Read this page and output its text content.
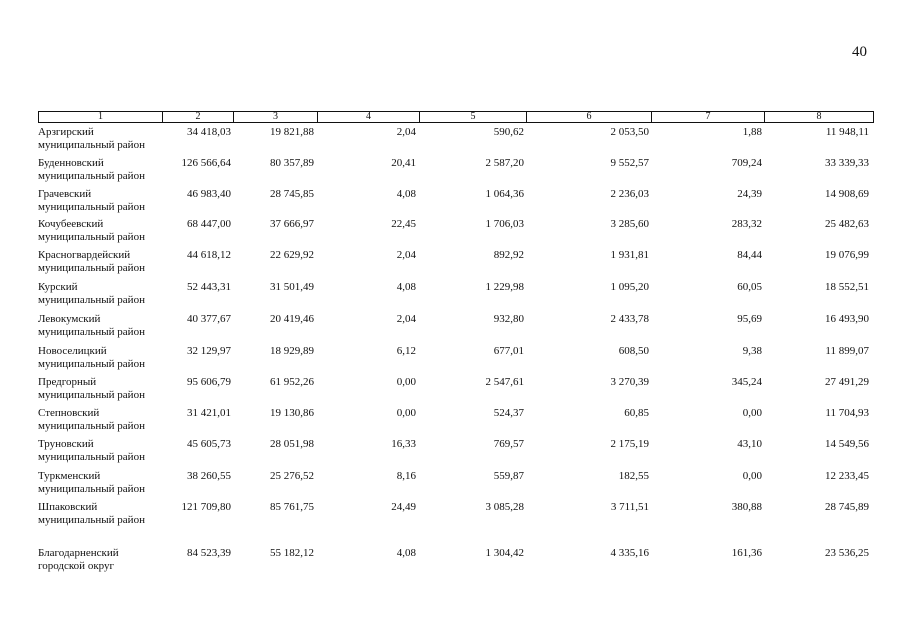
40
1	2	3	4	5	6	7	8
Арзгирский
муниципальный район
34 418,03	19 821,88	2,04	590,62	2 053,50	1,88	11 948,11
Буденновский
муниципальный район
126 566,64	80 357,89	20,41	2 587,20	9 552,57	709,24	33 339,33
Грачевский
муниципальный район
46 983,40	28 745,85	4,08	1 064,36	2 236,03	24,39	14 908,69
Кочубеевский
муниципальный район
68 447,00	37 666,97	22,45	1 706,03	3 285,60	283,32	25 482,63
Красногвардейский
муниципальный район
44 618,12	22 629,92	2,04	892,92	1 931,81	84,44	19 076,99
Курский
муниципальный район
52 443,31	31 501,49	4,08	1 229,98	1 095,20	60,05	18 552,51
Левокумский
муниципальный район
40 377,67	20 419,46	2,04	932,80	2 433,78	95,69	16 493,90
Новоселицкий
муниципальный район
32 129,97	18 929,89	6,12	677,01	608,50	9,38	11 899,07
Предгорный
муниципальный район
95 606,79	61 952,26	0,00	2 547,61	3 270,39	345,24	27 491,29
Степновский
муниципальный район
31 421,01	19 130,86	0,00	524,37	60,85	0,00	11 704,93
Труновский
муниципальный район
45 605,73	28 051,98	16,33	769,57	2 175,19	43,10	14 549,56
Туркменский
муниципальный район
38 260,55	25 276,52	8,16	559,87	182,55	0,00	12 233,45
Шпаковский
муниципальный район
121 709,80	85 761,75	24,49	3 085,28	3 711,51	380,88	28 745,89
Благодарненский
городской округ
84 523,39	55 182,12	4,08	1 304,42	4 335,16	161,36	23 536,25
